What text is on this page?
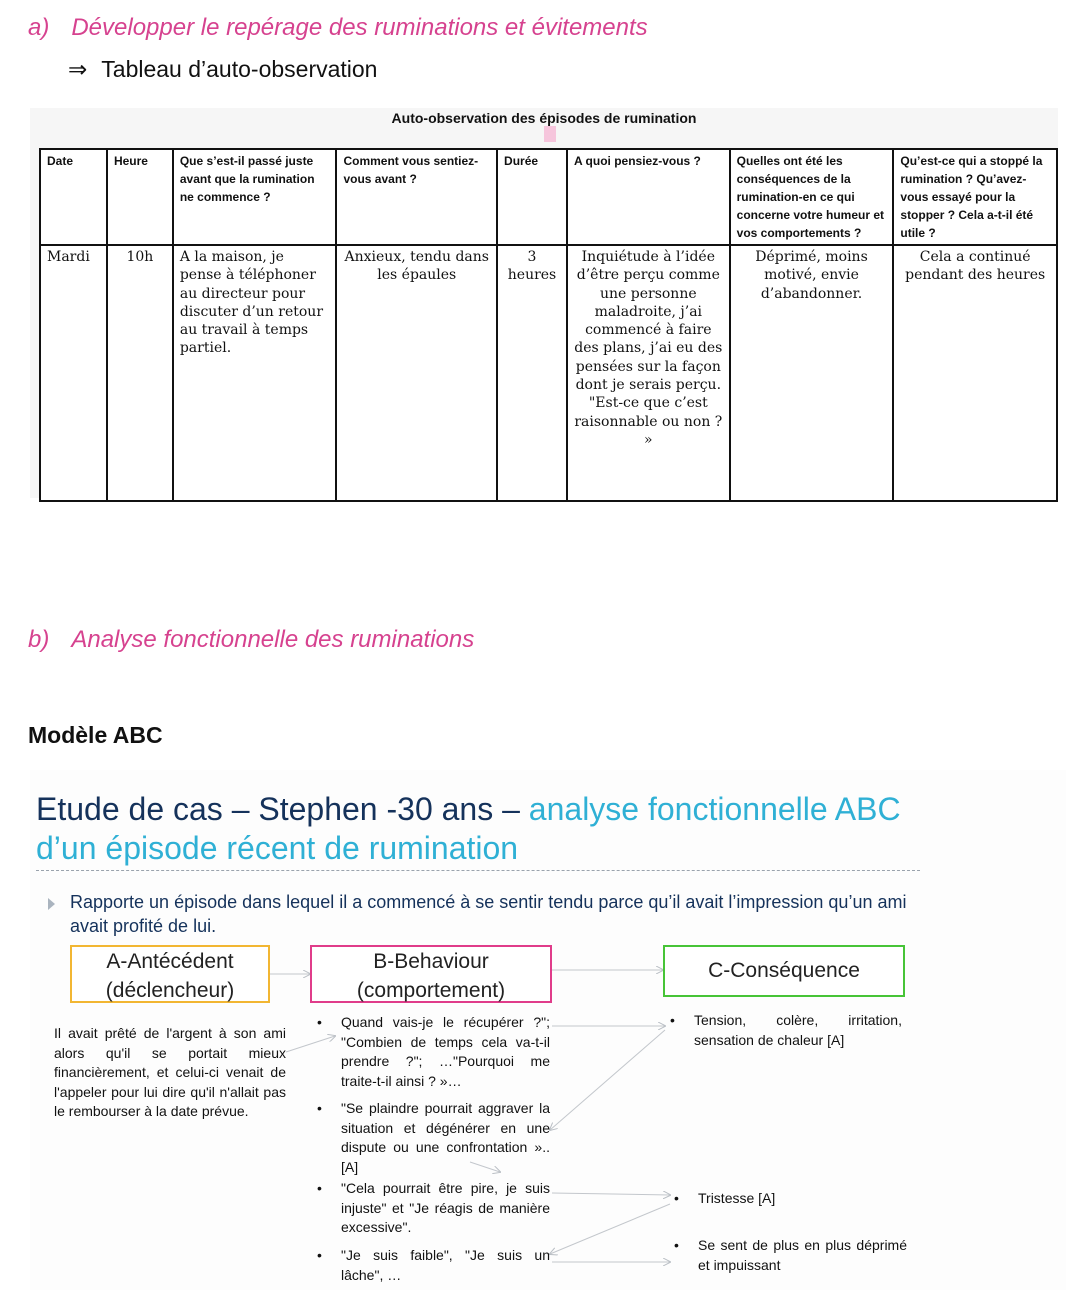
a) Développer le repérage des ruminations et évitements
⇒ Tableau d’auto-observation
Auto-observation des épisodes de rumination
Date	Heure	Que s’est-il passé juste avant que la rumination ne commence ?	Comment vous sentiez-vous avant ?	Durée	A quoi pensiez-vous ?	Quelles ont été les conséquences de la rumination-en ce qui concerne votre humeur et vos comportements ?	Qu’est-ce qui a stoppé la rumination ? Qu’avez-vous essayé pour la stopper ? Cela a-t-il été utile ?
Mardi	10h	A la maison, je pense à téléphoner au directeur pour discuter d’un retour au travail à temps partiel.	Anxieux, tendu dans les épaules	3 heures	Inquiétude à l’idée d’être perçu comme une personne maladroite, j’ai commencé à faire des plans, j’ai eu des pensées sur la façon dont je serais perçu. "Est-ce que c’est raisonnable ou non ? »	Déprimé, moins motivé, envie d’abandonner.	Cela a continué pendant des heures
b) Analyse fonctionnelle des ruminations
Modèle ABC
Etude de cas – Stephen -30 ans – analyse fonctionnelle ABC d’un épisode récent de rumination
Rapporte un épisode dans lequel il a commencé à se sentir tendu parce qu’il avait l’impression qu’un ami avait profité de lui.
A-Antécédent (déclencheur)
B-Behaviour (comportement)
C-Conséquence
Il avait prêté de l'argent à son ami alors qu'il se portait mieux financièrement, et celui-ci venait de l'appeler pour lui dire qu'il n'allait pas le rembourser à la date prévue.
• Quand vais-je le récupérer ?"; "Combien de temps cela va-t-il prendre ?"; …"Pourquoi me traite-t-il ainsi ? »…
• "Se plaindre pourrait aggraver la situation et dégénérer en une dispute ou une confrontation ».. [A]
• "Cela pourrait être pire, je suis injuste" et "Je réagis de manière excessive".
• "Je suis faible", "Je suis un lâche", …
• Tension, colère, irritation, sensation de chaleur [A]
• Tristesse [A]
• Se sent de plus en plus déprimé et impuissant
